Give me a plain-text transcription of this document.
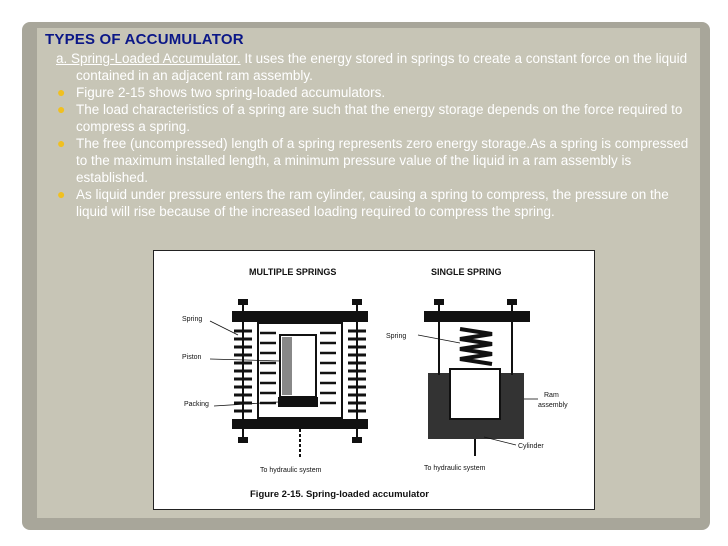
TYPES OF ACCUMULATOR

a. Spring-Loaded Accumulator. It uses the energy stored in springs to create a constant force on the liquid contained in an adjacent ram assembly.

● Figure 2-15 shows two spring-loaded accumulators.
● The load characteristics of a spring are such that the energy storage depends on the force required to compress a spring.
● The free (uncompressed) length of a spring represents zero energy storage.As a spring is compressed to the maximum installed length, a minimum pressure value of the liquid in a ram assembly is established.
● As liquid under pressure enters the ram cylinder, causing a spring to compress, the pressure on the liquid will rise because of the increased loading required to compress the spring.
MULTIPLE SPRINGS	SINGLE SPRING
Spring
Piston
Packing
To hydraulic system
Spring
Ram
assembly
Cylinder
To hydraulic system
Figure 2-15. Spring-loaded accumulator
